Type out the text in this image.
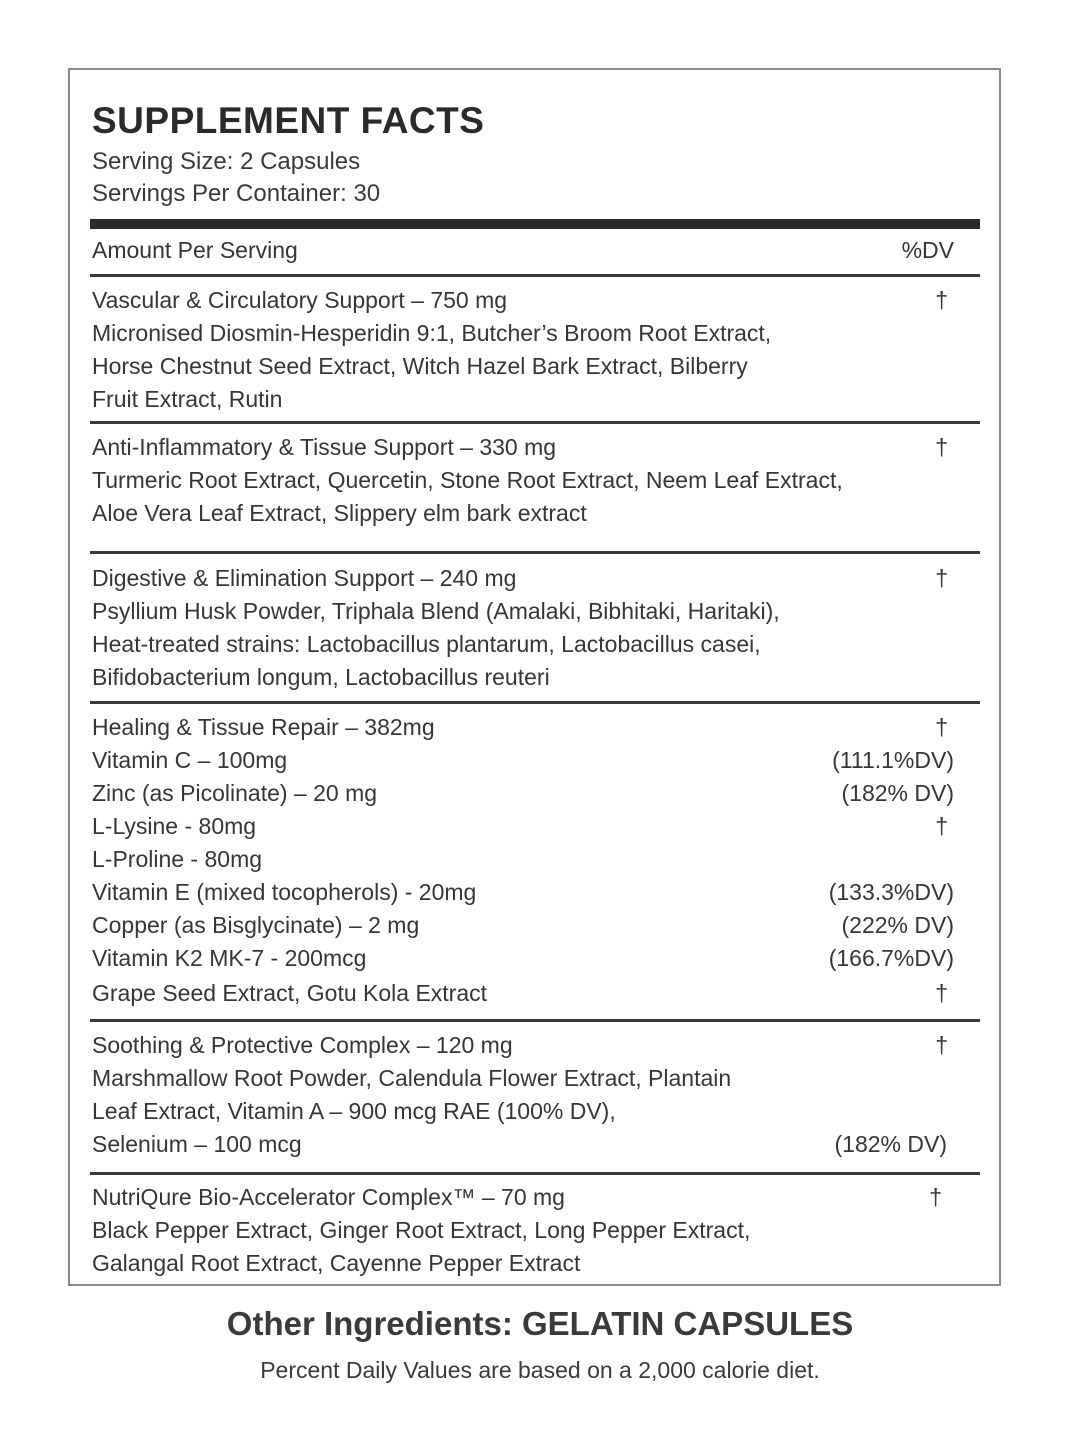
SUPPLEMENT FACTS
Serving Size: 2 Capsules
Servings Per Container: 30
Amount Per Serving	%DV
Vascular & Circulatory Support – 750 mg	†
Micronised Diosmin-Hesperidin 9:1, Butcher’s Broom Root Extract,
Horse Chestnut Seed Extract, Witch Hazel Bark Extract, Bilberry
Fruit Extract, Rutin
Anti-Inflammatory & Tissue Support – 330 mg	†
Turmeric Root Extract, Quercetin, Stone Root Extract, Neem Leaf Extract,
Aloe Vera Leaf Extract, Slippery elm bark extract
Digestive & Elimination Support – 240 mg	†
Psyllium Husk Powder, Triphala Blend (Amalaki, Bibhitaki, Haritaki),
Heat-treated strains: Lactobacillus plantarum, Lactobacillus casei,
Bifidobacterium longum, Lactobacillus reuteri
Healing & Tissue Repair – 382mg	†
Vitamin C – 100mg	(111.1%DV)
Zinc (as Picolinate) – 20 mg	(182% DV)
L-Lysine - 80mg	†
L-Proline - 80mg
Vitamin E (mixed tocopherols) - 20mg	(133.3%DV)
Copper (as Bisglycinate) – 2 mg	(222% DV)
Vitamin K2 MK-7 - 200mcg	(166.7%DV)
Grape Seed Extract, Gotu Kola Extract	†
Soothing & Protective Complex – 120 mg	†
Marshmallow Root Powder, Calendula Flower Extract, Plantain
Leaf Extract, Vitamin A – 900 mcg RAE (100% DV),
Selenium – 100 mcg	(182% DV)
NutriQure Bio-Accelerator Complex™ – 70 mg	†
Black Pepper Extract, Ginger Root Extract, Long Pepper Extract,
Galangal Root Extract, Cayenne Pepper Extract
Other Ingredients: GELATIN CAPSULES
Percent Daily Values are based on a 2,000 calorie diet.
